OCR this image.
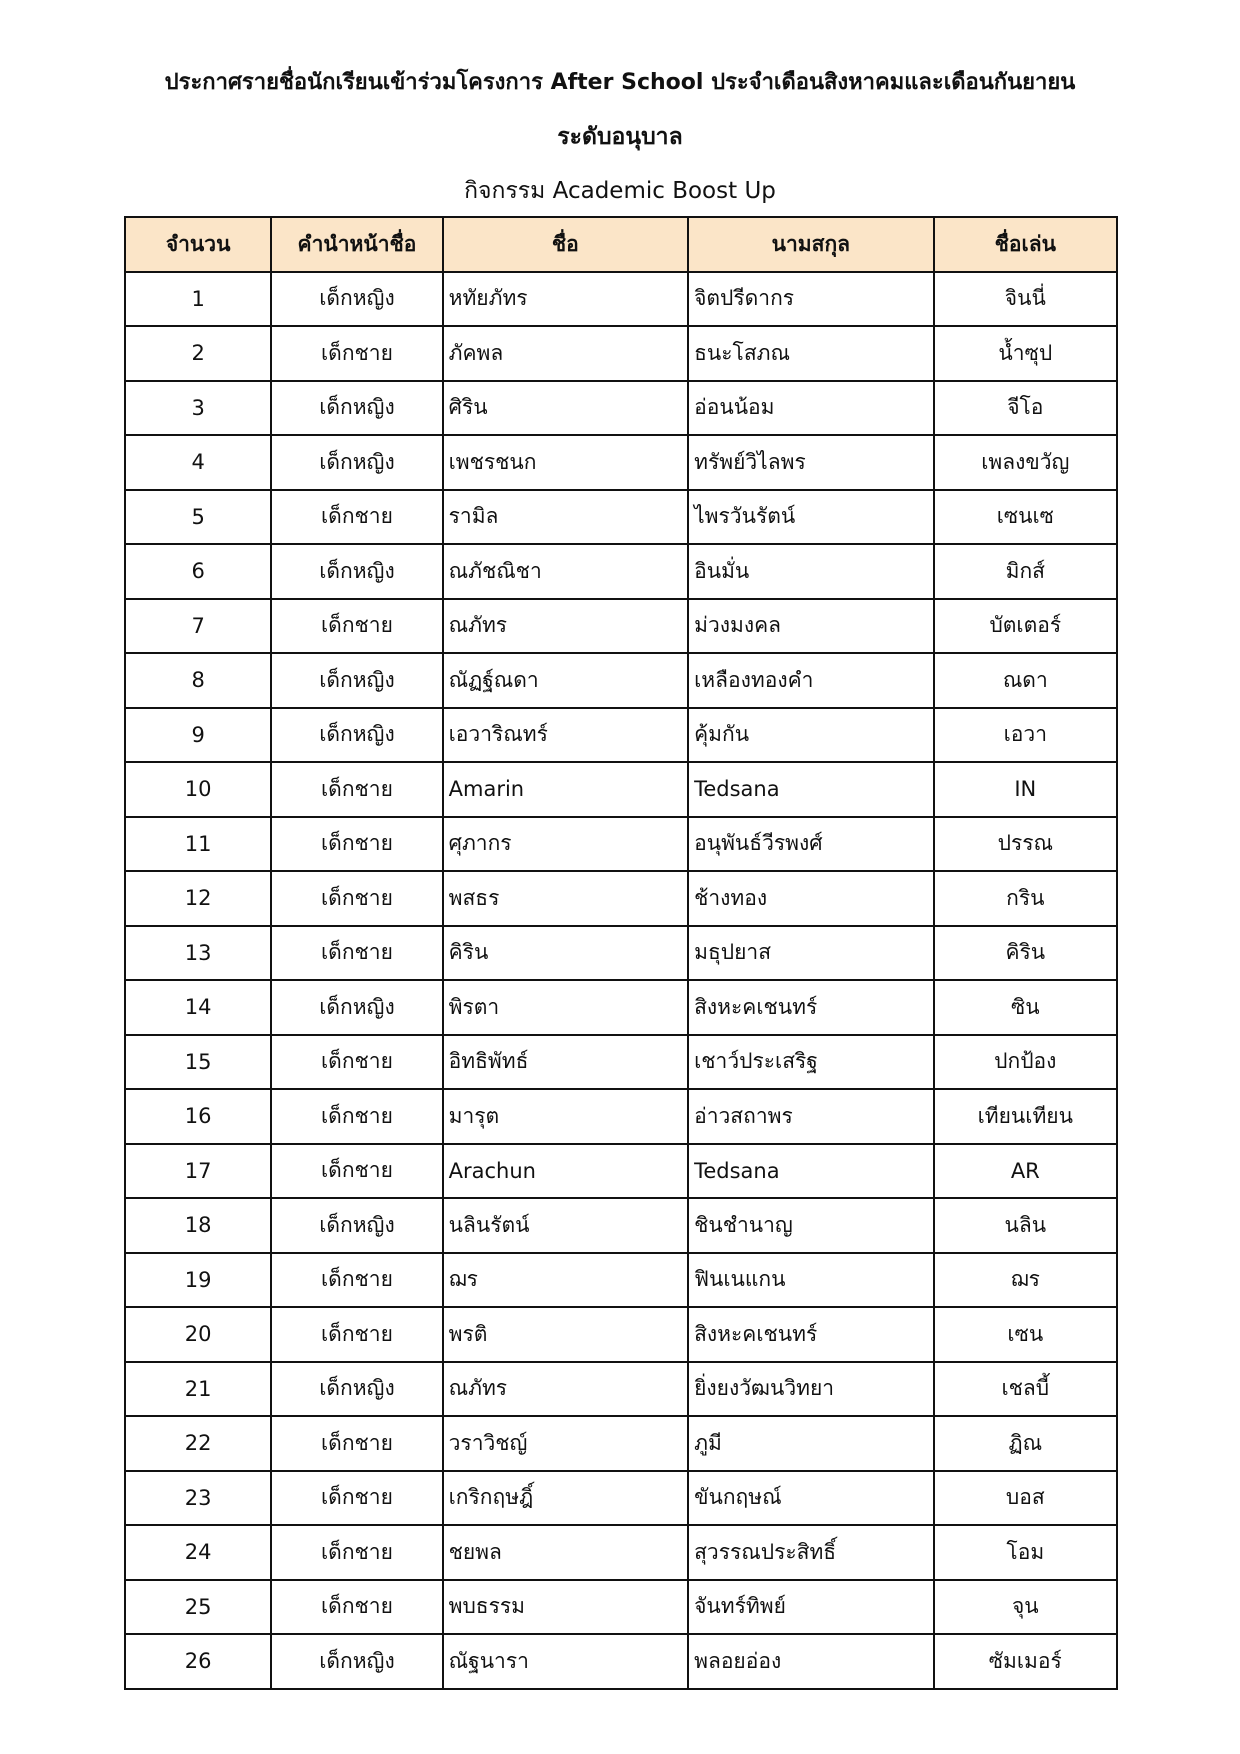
ประกาศรายชื่อนักเรียนเข้าร่วมโครงการ After School ประจำเดือนสิงหาคมและเดือนกันยายน
ระดับอนุบาล
กิจกรรม Academic Boost Up
จำนวน	คำนำหน้าชื่อ	ชื่อ	นามสกุล	ชื่อเล่น
1	เด็กหญิง	หทัยภัทร	จิตปรีดากร	จินนี่
2	เด็กชาย	ภัคพล	ธนะโสภณ	น้ำซุป
3	เด็กหญิง	ศิริน	อ่อนน้อม	จีโอ
4	เด็กหญิง	เพชรชนก	ทรัพย์วิไลพร	เพลงขวัญ
5	เด็กชาย	รามิล	ไพรวันรัตน์	เซนเซ
6	เด็กหญิง	ณภัชณิชา	อินมั่น	มิกส์
7	เด็กชาย	ณภัทร	ม่วงมงคล	บัตเตอร์
8	เด็กหญิง	ณัฏฐ์ณดา	เหลืองทองคำ	ณดา
9	เด็กหญิง	เอวาริณทร์	คุ้มกัน	เอวา
10	เด็กชาย	Amarin	Tedsana	IN
11	เด็กชาย	ศุภากร	อนุพันธ์วีรพงศ์	ปรรณ
12	เด็กชาย	พสธร	ช้างทอง	กริน
13	เด็กชาย	คิริน	มธุปยาส	คิริน
14	เด็กหญิง	พิรตา	สิงหะคเชนทร์	ซิน
15	เด็กชาย	อิทธิพัทธ์	เชาว์ประเสริฐ	ปกป้อง
16	เด็กชาย	มารุต	อ่าวสถาพร	เทียนเทียน
17	เด็กชาย	Arachun	Tedsana	AR
18	เด็กหญิง	นลินรัตน์	ชินชำนาญ	นลิน
19	เด็กชาย	ฌร	ฟินเนแกน	ฌร
20	เด็กชาย	พรติ	สิงหะคเชนทร์	เซน
21	เด็กหญิง	ณภัทร	ยิ่งยงวัฒนวิทยา	เชลบี้
22	เด็กชาย	วราวิชญ์	ภูมี	ฏิณ
23	เด็กชาย	เกริกฤษฎิ์	ขันกฤษณ์	บอส
24	เด็กชาย	ชยพล	สุวรรณประสิทธิ์	โอม
25	เด็กชาย	พบธรรม	จันทร์ทิพย์	จุน
26	เด็กหญิง	ณัฐนารา	พลอยอ่อง	ซัมเมอร์
